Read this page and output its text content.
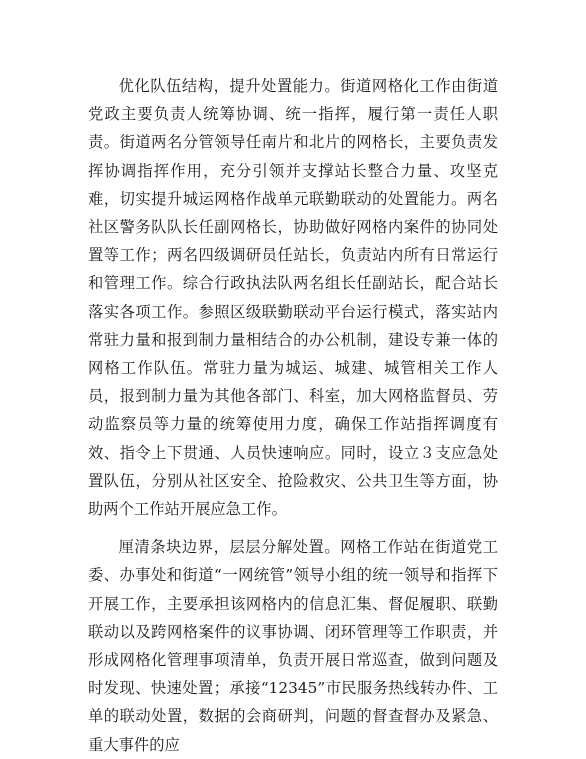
优化队伍结构，提升处置能力。街道网格化工作由街道党政主要负责人统筹协调、统一指挥，履行第一责任人职责。街道两名分管领导任南片和北片的网格长，主要负责发挥协调指挥作用，充分引领并支撑站长整合力量、攻坚克难，切实提升城运网格作战单元联勤联动的处置能力。两名社区警务队队长任副网格长，协助做好网格内案件的协同处置等工作；两名四级调研员任站长，负责站内所有日常运行和管理工作。综合行政执法队两名组长任副站长，配合站长落实各项工作。参照区级联勤联动平台运行模式，落实站内常驻力量和报到制力量相结合的办公机制，建设专兼一体的网格工作队伍。常驻力量为城运、城建、城管相关工作人员，报到制力量为其他各部门、科室，加大网格监督员、劳动监察员等力量的统筹使用力度，确保工作站指挥调度有效、指令上下贯通、人员快速响应。同时，设立３支应急处置队伍，分别从社区安全、抢险救灾、公共卫生等方面，协助两个工作站开展应急工作。

厘清条块边界，层层分解处置。网格工作站在街道党工委、办事处和街道“一网统管”领导小组的统一领导和指挥下开展工作，主要承担该网格内的信息汇集、督促履职、联勤联动以及跨网格案件的议事协调、闭环管理等工作职责，并形成网格化管理事项清单，负责开展日常巡查，做到问题及时发现、快速处置；承接“12345”市民服务热线转办件、工单的联动处置，数据的会商研判，问题的督查督办及紧急、重大事件的应
